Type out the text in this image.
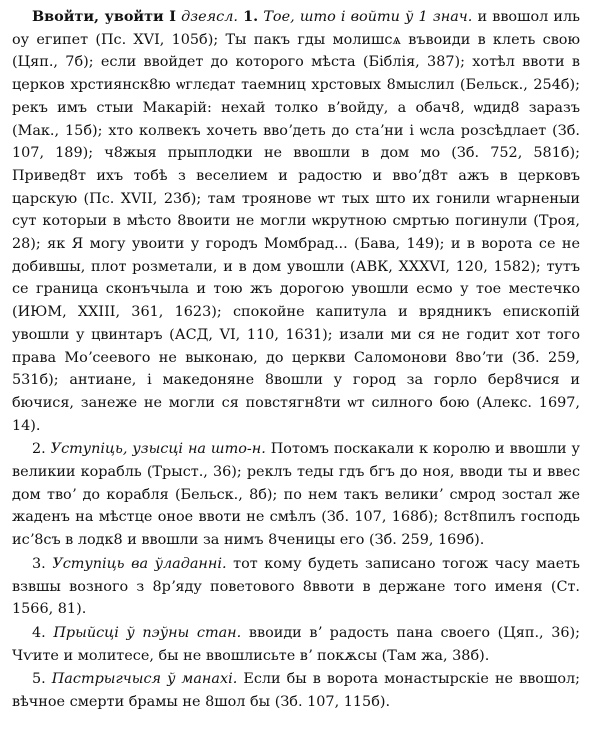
Ввойти, увойти I дзеясл. 1. Тое, што і войти ў 1 знач. и ввошол иль оу египет (Пс. XVI, 105б); Ты пакъ гды молишсѧ въвоиди в клеть свою (Цяп., 7б); если ввойдет до которого мѣста (Біблія, 387); хотѣл ввоти в церков хрстиянск8ю ѡглєдат таемниц хрстовых 8мыслил (Бельск., 254б); рекъ имъ стыи Макарій: нехай толко вʼвойду, а обач8, ѡдид8 заразъ (Мак., 15б); хто колвекъ хочеть ввоʼдеть до стаʼни і ѡсла розсѣдлает (Зб. 107, 189); ч8жыя прыплодки не ввошли в дом мо (Зб. 752, 581б); Привед8т ихъ тобѣ з веселием и радостю и ввоʼд8т ажъ в церковъ царскую (Пс. XVII, 23б); там троянове ѡт тых што их гонили ѡгарненыи сут которыи в мѣсто 8воити не могли ѡкрутною смртью погинули (Троя, 28); як Я могу увоити у городъ Момбрад... (Бава, 149); и в ворота се не добившы, плот розметали, и в дом увошли (АВК, XXXVI, 120, 1582); тутъ се граница сконъчыла и тою жъ дорогою увошли есмо у тое местечко (ИЮМ, XXIII, 361, 1623); спокойне капитула и врядникъ епископій увошли у цвинтаръ (АСД, VI, 110, 1631); изали ми ся не годит хот того права Моʼсеевого не выконаю, до церкви Саломонови 8воʼти (Зб. 259, 531б); антиане, і македоняне 8вошли у город за горло бер8чися и бючися, занеже не могли ся повстягн8ти ѡт силного бою (Алекс. 1697, 14).

2. Уступіць, узысці на што-н. Потомъ поскакали к королю и ввошли у великии корабль (Трыст., 36); реклъ теды гдъ бгъ до ноя, вводи ты и ввес дом твоʼ до корабля (Бельск., 8б); по нем такъ великиʼ смрод зостал же жаденъ на мѣстце оное ввоти не смѣлъ (Зб. 107, 168б); 8ст8пилъ господь исʼ8съ в лодк8 и ввошли за нимъ 8ченицы его (Зб. 259, 169б).

3. Уступіць ва ўладанні. тот кому будеть записано тогож часу маеть взвшы возного з 8рʼяду поветового 8ввоти в держане того именя (Ст. 1566, 81).

4. Прыйсці ў пэўны стан. ввоиди вʼ радость пана своего (Цяп., 36); Чѵите и молитесе, бы не ввошлисьте вʼ покѫсы (Там жа, 38б).

5. Пастрыгчыся ў манахі. Если бы в ворота монастырскіе не ввошол; вѣчное смерти брамы не 8шол бы (Зб. 107, 115б).
